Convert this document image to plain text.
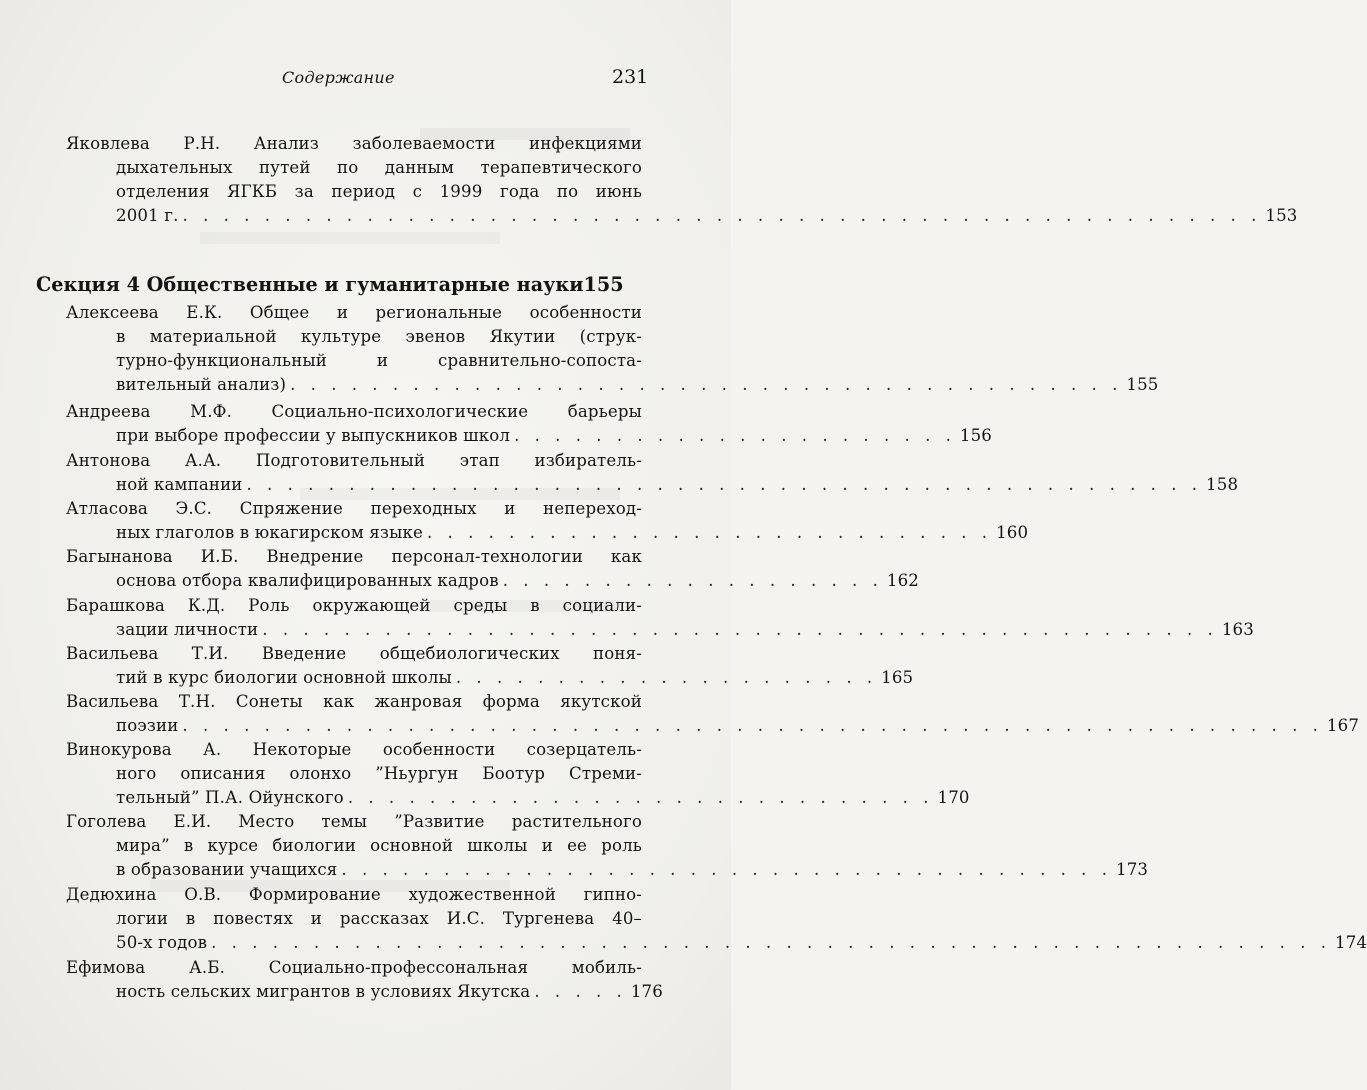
Содержание	231
Яковлева Р.Н. Анализ заболеваемости инфекциями
дыхательных путей по данным терапевтического
отделения ЯГКБ за период с 1999 года по июнь
2001 г. . . . . . . . . . . . . . . . . . . . . . . . . . . . . . . . . . . . . . . . . . . . . . . . . . . . . . 153
Секция 4 Общественные и гуманитарные науки155
Алексеева Е.К. Общее и региональные особенности
в материальной культуре эвенов Якутии (струк-
турно-функциональный и сравнительно-сопоста-
вительный анализ) . . . . . . . . . . . . . . . . . . . . . . . . . . . . . . . . . . . . . . . . . 155
Андреева М.Ф. Социально-психологические барьеры
при выборе профессии у выпускников школ . . . . . . . . . . . . . . . . . . . . . . 156
Антонова А.А. Подготовительный этап избиратель-
ной кампании . . . . . . . . . . . . . . . . . . . . . . . . . . . . . . . . . . . . . . . . . . . . . . . 158
Атласова Э.С. Спряжение переходных и непереход-
ных глаголов в юкагирском языке . . . . . . . . . . . . . . . . . . . . . . . . . . . . 160
Багынанова И.Б. Внедрение персонал-технологии как
основа отбора квалифицированных кадров . . . . . . . . . . . . . . . . . . . 162
Барашкова К.Д. Роль окружающей среды в социали-
зации личности . . . . . . . . . . . . . . . . . . . . . . . . . . . . . . . . . . . . . . . . . . . . . . . 163
Васильева Т.И. Введение общебиологических поня-
тий в курс биологии основной школы . . . . . . . . . . . . . . . . . . . . . 165
Васильева Т.Н. Сонеты как жанровая форма якутской
поэзии . . . . . . . . . . . . . . . . . . . . . . . . . . . . . . . . . . . . . . . . . . . . . . . . . . . . . . . . 167
Винокурова А. Некоторые особенности созерцатель-
ного описания олонхо ”Ньургун Боотур Стреми-
тельный” П.А. Ойунского . . . . . . . . . . . . . . . . . . . . . . . . . . . . . 170
Гоголева Е.И. Место темы ”Развитие растительного
мира” в курсе биологии основной школы и ее роль
в образовании учащихся . . . . . . . . . . . . . . . . . . . . . . . . . . . . . . . . . . . . . . 173
Дедюхина О.В. Формирование художественной гипно-
логии в повестях и рассказах И.С. Тургенева 40–
50-х годов . . . . . . . . . . . . . . . . . . . . . . . . . . . . . . . . . . . . . . . . . . . . . . . . . . . . . . . 174
Ефимова А.Б. Социально-профессональная мобиль-
ность сельских мигрантов в условиях Якутска . . . . . 176
